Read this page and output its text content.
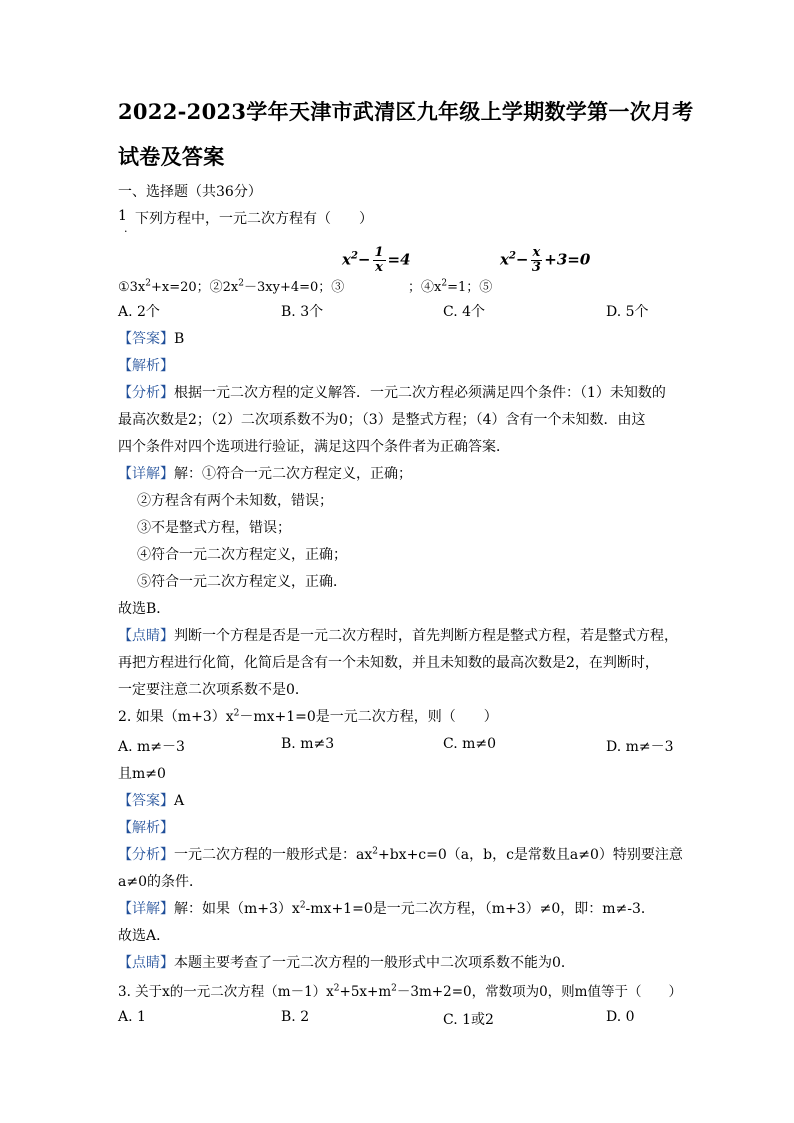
2022-2023学年天津市武清区九年级上学期数学第一次月考
试卷及答案
一、选择题（共36分）
1 下列方程中，一元二次方程有（　　）
.
$x^2- \frac{1}{x} =4$	$x^2- \frac{x}{3} +3=0$
$①3x^2+x=20$；$②2x^2-3xy+4=0$；③	；$④x^2=1$；⑤
A. 2个	B. 3个	C. 4个	D. 5个
【答案】B
【解析】
【分析】根据一元二次方程的定义解答．一元二次方程必须满足四个条件：（1）未知数的
最高次数是2；（2）二次项系数不为0；（3）是整式方程；（4）含有一个未知数．由这
四个条件对四个选项进行验证，满足这四个条件者为正确答案．
【详解】解：①符合一元二次方程定义，正确；
②方程含有两个未知数，错误；
③不是整式方程，错误；
④符合一元二次方程定义，正确；
⑤符合一元二次方程定义，正确．
故选B．
【点睛】判断一个方程是否是一元二次方程时，首先判断方程是整式方程，若是整式方程，
再把方程进行化简，化简后是含有一个未知数，并且未知数的最高次数是2，在判断时，
一定要注意二次项系数不是0．
2. 如果$(m+3)x^2-mx+1=0$是一元二次方程，则（　　）
A. m≠－3	B. m≠3	C. m≠0	D. m≠－3
且m≠0
【答案】A
【解析】
【分析】一元二次方程的一般形式是：$ax^2+bx+c=0(a$，b，c是常数且a≠0）特别要注意
a≠0的条件．
【详解】解：如果$(m+3)x^2-mx+1=0$是一元二次方程，（m+3）≠0，即：m≠-3．
故选A．
【点睛】本题主要考查了一元二次方程的一般形式中二次项系数不能为0．
3. 关于x的一元二次方程$(m-1)x^2+5x+m^2-3m+2=0$，常数项为0，则m值等于（　　）
A. 1	B. 2	C. 1或2	D. 0
